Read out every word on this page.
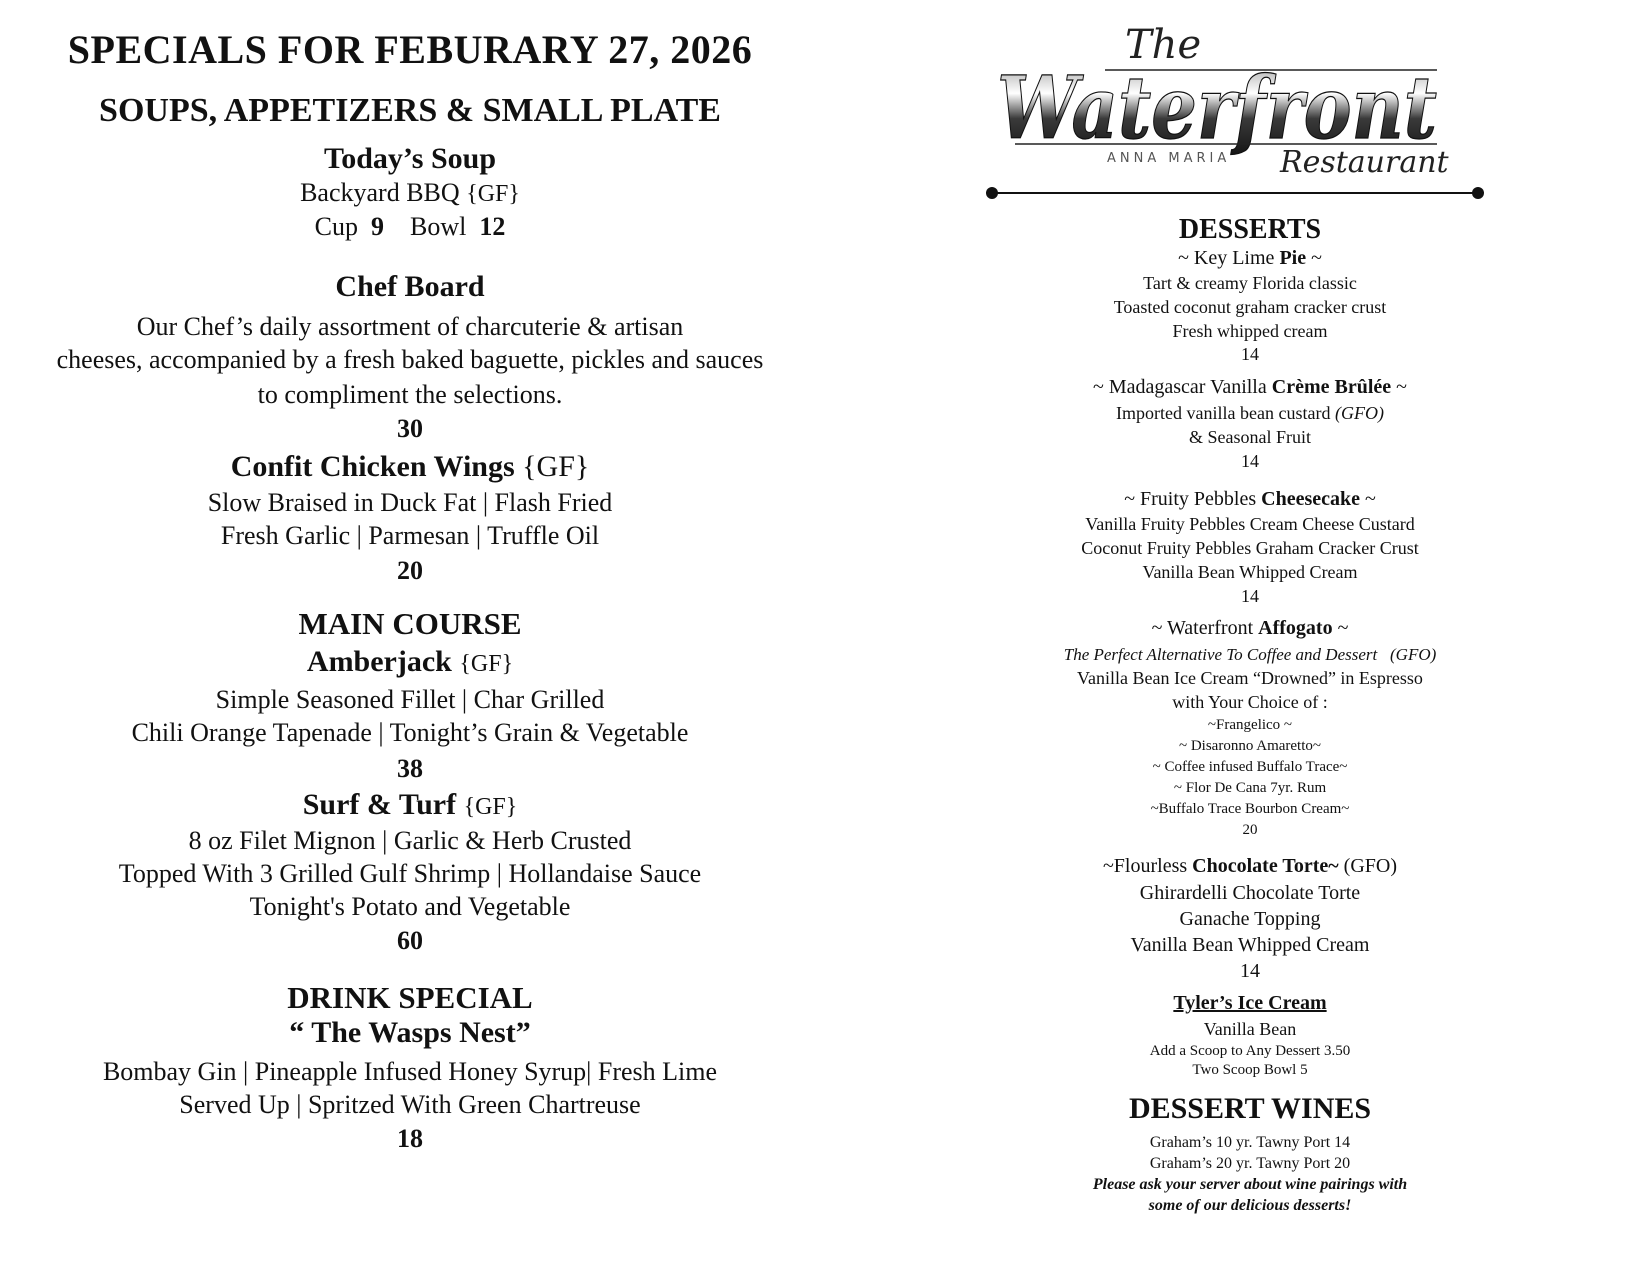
SPECIALS FOR FEBURARY 27, 2026
SOUPS, APPETIZERS & SMALL PLATE
Today’s Soup
Backyard BBQ {GF}
Cup 9 Bowl 12
Chef Board
Our Chef’s daily assortment of charcuterie & artisan
cheeses, accompanied by a fresh baked baguette, pickles and sauces
to compliment the selections.
30
Confit Chicken Wings {GF}
Slow Braised in Duck Fat | Flash Fried
Fresh Garlic | Parmesan | Truffle Oil
20
MAIN COURSE
Amberjack {GF}
Simple Seasoned Fillet | Char Grilled
Chili Orange Tapenade | Tonight’s Grain & Vegetable
38
Surf & Turf {GF}
8 oz Filet Mignon | Garlic & Herb Crusted
Topped With 3 Grilled Gulf Shrimp | Hollandaise Sauce
Tonight's Potato and Vegetable
60
DRINK SPECIAL
“ The Wasps Nest”
Bombay Gin | Pineapple Infused Honey Syrup| Fresh Lime
Served Up | Spritzed With Green Chartreuse
18
The
Waterfront
ANNA MARIA Restaurant
DESSERTS
~ Key Lime Pie ~
Tart & creamy Florida classic
Toasted coconut graham cracker crust
Fresh whipped cream
14
~ Madagascar Vanilla Crème Brûlée ~
Imported vanilla bean custard (GFO)
& Seasonal Fruit
14
~ Fruity Pebbles Cheesecake ~
Vanilla Fruity Pebbles Cream Cheese Custard
Coconut Fruity Pebbles Graham Cracker Crust
Vanilla Bean Whipped Cream
14
~ Waterfront Affogato ~
The Perfect Alternative To Coffee and Dessert (GFO)
Vanilla Bean Ice Cream “Drowned” in Espresso
with Your Choice of :
~Frangelico ~
~ Disaronno Amaretto~
~ Coffee infused Buffalo Trace~
~ Flor De Cana 7yr. Rum
~Buffalo Trace Bourbon Cream~
20
~Flourless Chocolate Torte~ (GFO)
Ghirardelli Chocolate Torte
Ganache Topping
Vanilla Bean Whipped Cream
14
Tyler’s Ice Cream
Vanilla Bean
Add a Scoop to Any Dessert 3.50
Two Scoop Bowl 5
DESSERT WINES
Graham’s 10 yr. Tawny Port 14
Graham’s 20 yr. Tawny Port 20
Please ask your server about wine pairings with
some of our delicious desserts!
